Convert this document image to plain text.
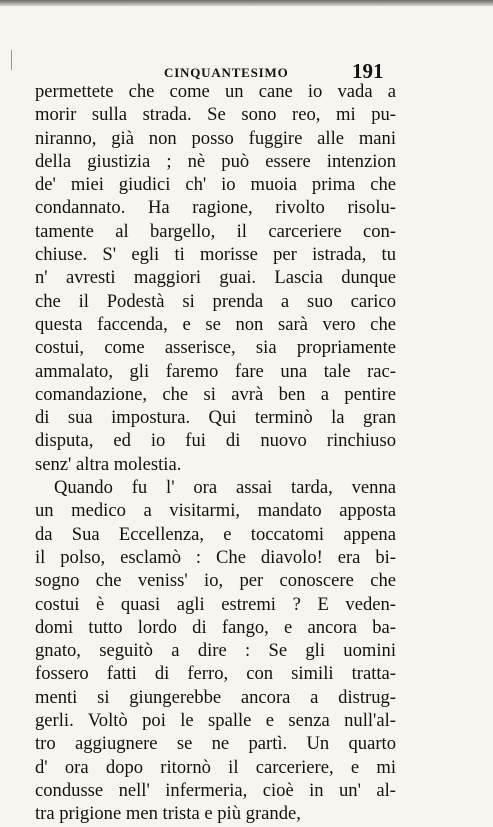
CINQUANTESIMO	191
permettete che come un cane io vada a
morir sulla strada. Se sono reo, mi pu-
niranno, già non posso fuggire alle mani
della giustizia ; nè può essere intenzion
de' miei giudici ch' io muoia prima che
condannato. Ha ragione, rivolto risolu-
tamente al bargello, il carceriere con-
chiuse. S' egli ti morisse per istrada, tu
n' avresti maggiori guai. Lascia dunque
che il Podestà si prenda a suo carico
questa faccenda, e se non sarà vero che
costui, come asserisce, sia propriamente
ammalato, gli faremo fare una tale rac-
comandazione, che si avrà ben a pentire
di sua impostura. Qui terminò la gran
disputa, ed io fui di nuovo rinchiuso
senz' altra molestia.
Quando fu l' ora assai tarda, venna
un medico a visitarmi, mandato apposta
da Sua Eccellenza, e toccatomi appena
il polso, esclamò : Che diavolo! era bi-
sogno che veniss' io, per conoscere che
costui è quasi agli estremi ? E veden-
domi tutto lordo di fango, e ancora ba-
gnato, seguitò a dire : Se gli uomini
fossero fatti di ferro, con simili tratta-
menti si giungerebbe ancora a distrug-
gerli. Voltò poi le spalle e senza null'al-
tro aggiugnere se ne partì. Un quarto
d' ora dopo ritornò il carceriere, e mi
condusse nell' infermeria, cioè in un' al-
tra prigione men trista e più grande,
